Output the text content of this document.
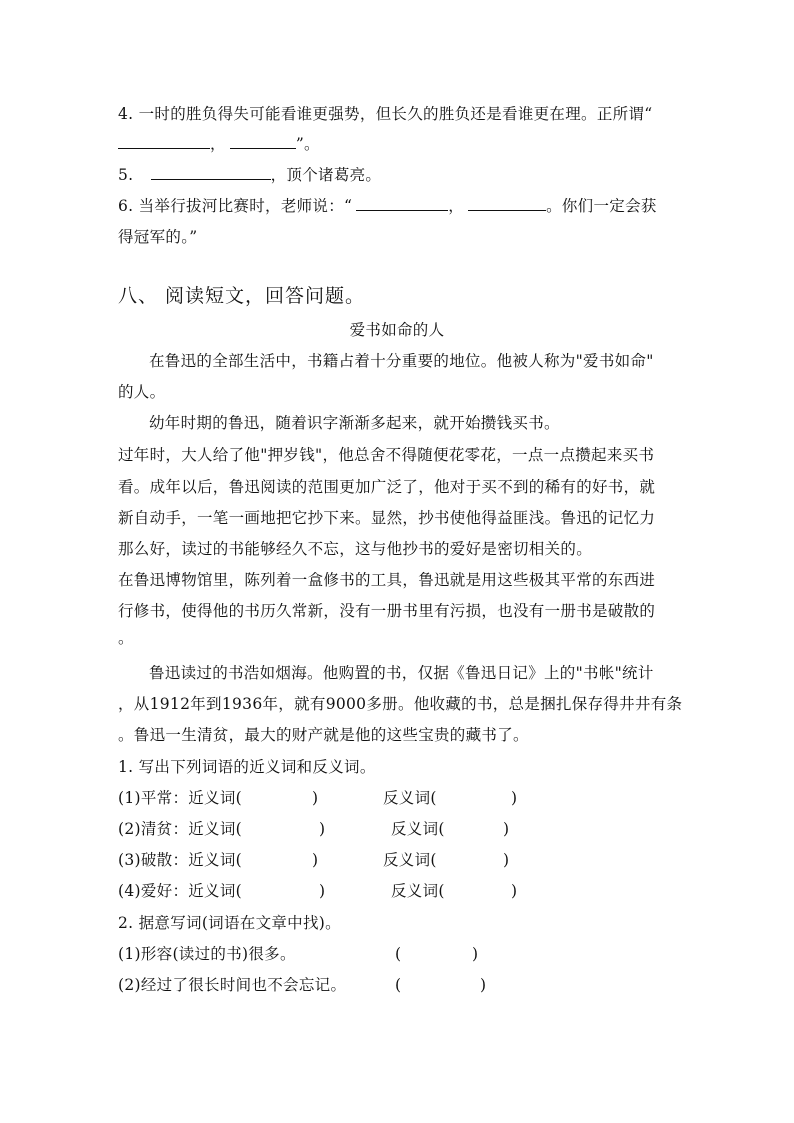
4. 一时的胜负得失可能看谁更强势，但长久的胜负还是看谁更在理。正所谓“
，	”。
5.	，顶个诸葛亮。
6. 当举行拔河比赛时，老师说：“	，	。你们一定会获
得冠军的。”
八、 阅读短文，回答问题。
爱书如命的人
在鲁迅的全部生活中，书籍占着十分重要的地位。他被人称为"爱书如命"
的人。
幼年时期的鲁迅，随着识字渐渐多起来，就开始攒钱买书。
过年时，大人给了他"押岁钱"，他总舍不得随便花零花，一点一点攒起来买书
看。成年以后，鲁迅阅读的范围更加广泛了，他对于买不到的稀有的好书，就
新自动手，一笔一画地把它抄下来。显然，抄书使他得益匪浅。鲁迅的记忆力
那么好，读过的书能够经久不忘，这与他抄书的爱好是密切相关的。
在鲁迅博物馆里，陈列着一盒修书的工具，鲁迅就是用这些极其平常的东西进
行修书，使得他的书历久常新，没有一册书里有污损，也没有一册书是破散的
。
鲁迅读过的书浩如烟海。他购置的书，仅据《鲁迅日记》上的"书帐"统计
，从1912年到1936年，就有9000多册。他收藏的书，总是捆扎保存得井井有条
。鲁迅一生清贫，最大的财产就是他的这些宝贵的藏书了。
1. 写出下列词语的近义词和反义词。
(1)平常：近义词(	)	反义词(	)
(2)清贫：近义词(	)	反义词(	)
(3)破散：近义词(	)	反义词(	)
(4)爱好：近义词(	)	反义词(	)
2. 据意写词(词语在文章中找)。
(1)形容(读过的书)很多。	(	)
(2)经过了很长时间也不会忘记。	(	)
